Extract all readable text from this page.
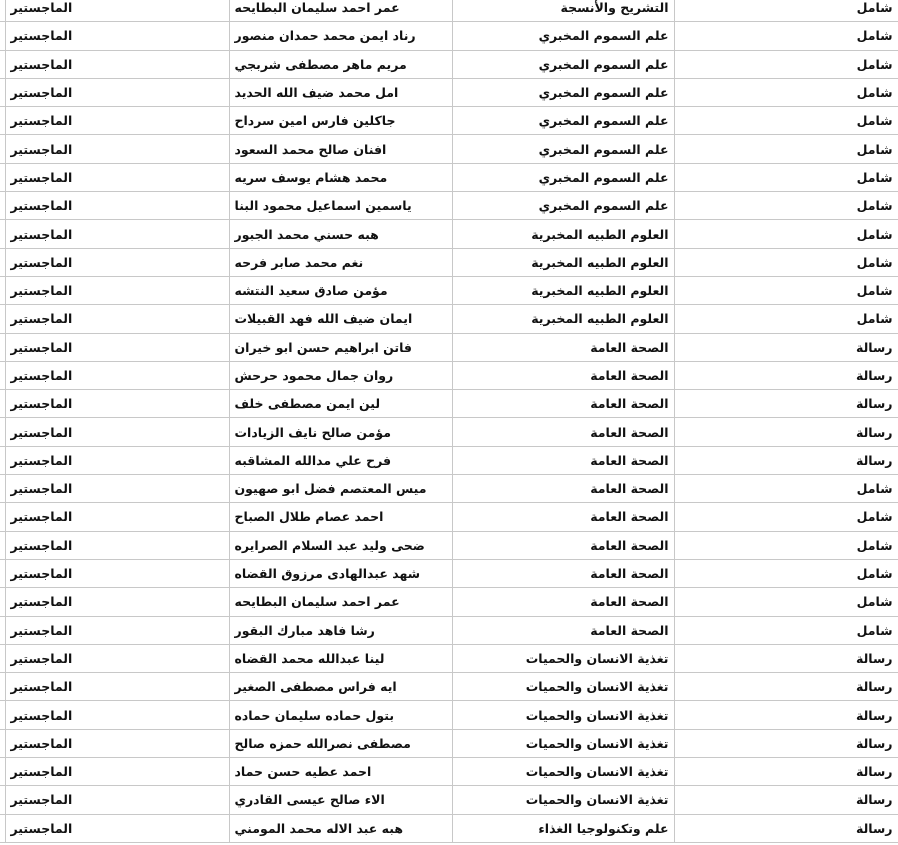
شامل	التشريح والأنسجة	عمر احمد سليمان البطايحه	الماجستير	
شامل	علم السموم المخبري	رناد ايمن محمد حمدان منصور	الماجستير	
شامل	علم السموم المخبري	مريم ماهر مصطفى شربجي	الماجستير	
شامل	علم السموم المخبري	امل محمد ضيف الله الحديد	الماجستير	
شامل	علم السموم المخبري	جاكلين فارس امين سرداح	الماجستير	
شامل	علم السموم المخبري	افنان صالح محمد السعود	الماجستير	
شامل	علم السموم المخبري	محمد هشام يوسف سريه	الماجستير	
شامل	علم السموم المخبري	ياسمين اسماعيل محمود البنا	الماجستير	
شامل	العلوم الطبيه المخبرية	هبه حسني محمد الجبور	الماجستير	
شامل	العلوم الطبيه المخبرية	نغم محمد صابر فرحه	الماجستير	
شامل	العلوم الطبيه المخبرية	مؤمن صادق سعيد النتشه	الماجستير	
شامل	العلوم الطبيه المخبرية	ايمان ضيف الله فهد القبيلات	الماجستير	
رسالة	الصحة العامة	فاتن ابراهيم حسن ابو خيران	الماجستير	
رسالة	الصحة العامة	روان جمال محمود حرحش	الماجستير	
رسالة	الصحة العامة	لين ايمن مصطفى خلف	الماجستير	
رسالة	الصحة العامة	مؤمن صالح نايف الزيادات	الماجستير	
رسالة	الصحة العامة	فرح علي مدالله المشاقبه	الماجستير	
شامل	الصحة العامة	ميس المعتصم فضل ابو صهيون	الماجستير	
شامل	الصحة العامة	احمد عصام طلال الصباح	الماجستير	
شامل	الصحة العامة	ضحى وليد عبد السلام الصرايره	الماجستير	
شامل	الصحة العامة	شهد عبدالهادى مرزوق القضاه	الماجستير	
شامل	الصحة العامة	عمر احمد سليمان البطايحه	الماجستير	
شامل	الصحة العامة	رشا فاهد مبارك البقور	الماجستير	
رسالة	تغذية الانسان والحميات	لينا عبدالله محمد القضاه	الماجستير	
رسالة	تغذية الانسان والحميات	ايه فراس مصطفى الصغير	الماجستير	
رسالة	تغذية الانسان والحميات	بتول حماده سليمان حماده	الماجستير	
رسالة	تغذية الانسان والحميات	مصطفى نصرالله حمزه صالح	الماجستير	
رسالة	تغذية الانسان والحميات	احمد عطيه حسن حماد	الماجستير	
رسالة	تغذية الانسان والحميات	الاء صالح عيسى القادري	الماجستير	
رسالة	علم وتكنولوجيا الغذاء	هبه عبد الاله محمد المومني	الماجستير	
